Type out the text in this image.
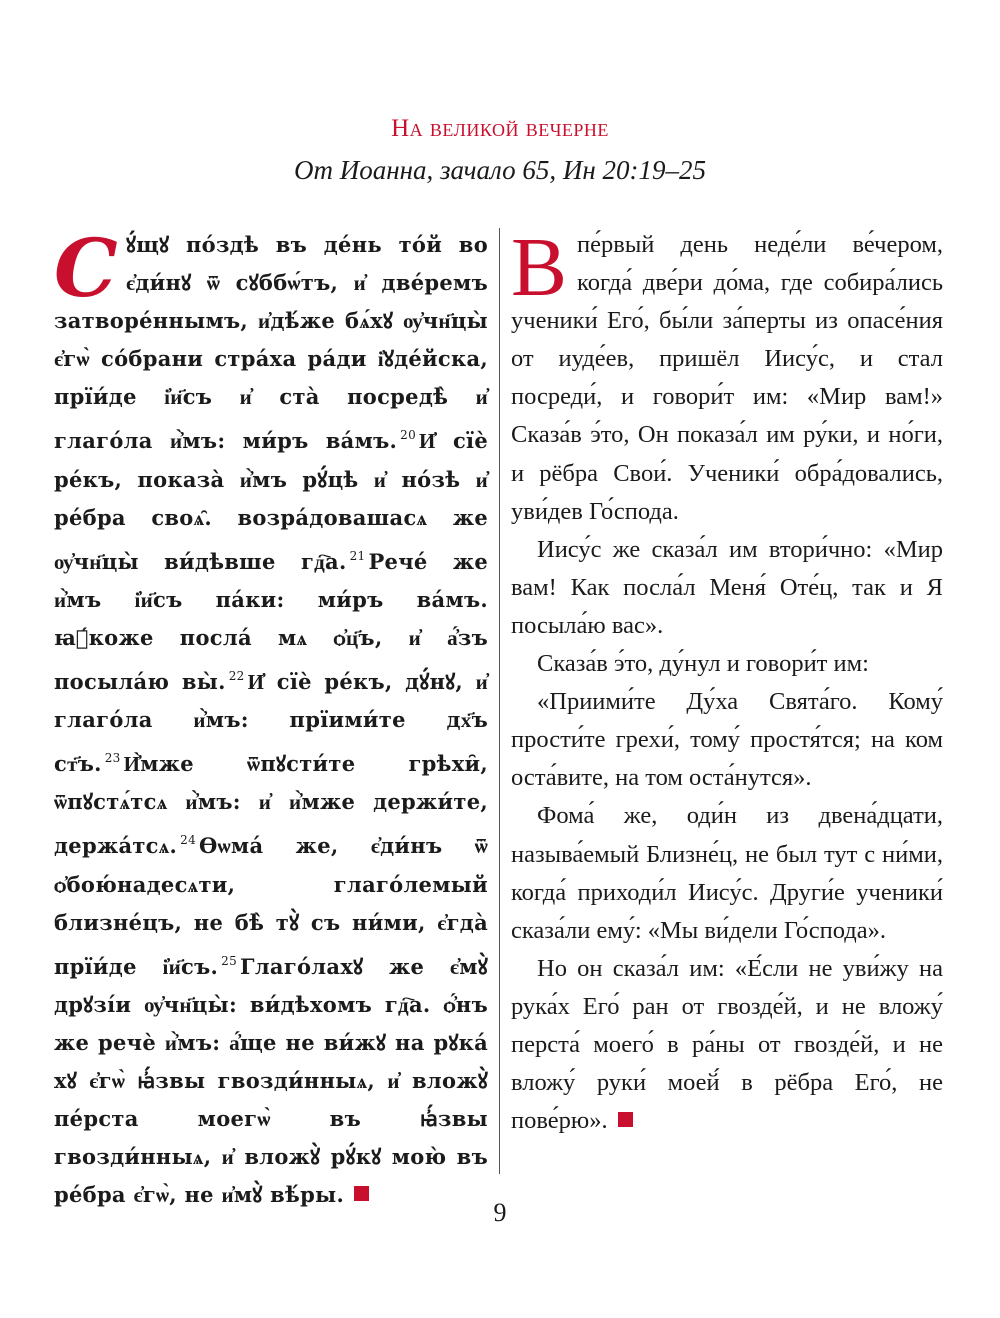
На великой вечерне
От Иоанна, зачало 65, Ин 20:19–25

Сꙋ́щꙋ по́здѣ въ де́нь то́й во є҆ди́нꙋ ѿ сꙋббѡ́тъ, и҆ две́ремъ затворе́ннымъ, и҆дѣ́же бѧ́хꙋ ѹ҆чн҃цы̀ є҆гѡ̀ со́брани стра́ха ра́ди і҆ꙋде́йска, прїи́де і҆и҃съ и҆ ста̀ посредѣ̀ и҆ глаго́ла и҆̀мъ: ми́ръ ва́мъ. $^{20}$ И҆ сїѐ ре́къ, показа̀ и҆̀мъ рꙋ́цѣ и҆ но́зѣ и҆ ре́бра своѧ̑. возра́довашасѧ же ѹ҆чн҃цы̀ ви́дѣвше гд҇а. $^{21}$ Рече́ же и҆̀мъ і҆и҃съ па́ки: ми́ръ ва́мъ. ꙗ҆́коже посла́ мѧ ѻ҆ц҃ъ, и҆ а҆́зъ посыла́ю вы̀. $^{22}$ И҆ сїѐ ре́къ, дꙋ́нꙋ, и҆ глаго́ла и҆̀мъ: прїими́те дх҃ъ ст҃ъ. $^{23}$ И҆̀мже ѿпꙋсти́те грѣхи̑, ѿпꙋстѧ́тсѧ и҆̀мъ: и҆ и҆̀мже держи́те, держа́тсѧ. $^{24}$ Ѳѡма́ же, є҆ди́нъ ѿ ѻ҆бою́надесѧти, глаго́лемый близне́цъ, не бѣ̀ тꙋ̀ съ ни́ми, є҆гда̀ прїи́де і҆и҃съ. $^{25}$ Глаго́лахꙋ же є҆мꙋ̀ дрꙋзі́и ѹ҆чн҃цы̀: ви́дѣхомъ гд҇а. ѻ҆́нъ же речѐ и҆̀мъ: а҆́ще не ви́жꙋ на рꙋка́ хꙋ є҆гѡ̀ ꙗ҆́звы гвозди́нныѧ, и҆ вложꙋ̀ пе́рста моегѡ̀ въ ꙗ҆́звы гвозди́нныѧ, и҆ вложꙋ̀ рꙋ́кꙋ мою̀ въ ре́бра є҆гѡ̀, не и҆мꙋ̀ вѣ́ры.

В пе́рвый день неде́ли ве́чером, когда́ две́ри до́ма, где собира́лись ученики́ Его́, бы́ли за́перты из опасе́ния от иуде́ев, пришёл Иису́с, и стал посреди́, и говори́т им: «Мир вам!» Сказа́в э́то, Он показа́л им ру́ки, и но́ги, и рёбра Свои́. Ученики́ обра́довались, уви́дев Го́спода.

Иису́с же сказа́л им втори́чно: «Мир вам! Как посла́л Меня́ Оте́ц, так и Я посыла́ю вас».

Сказа́в э́то, ду́нул и говори́т им:

«Приими́те Ду́ха Свята́го. Кому́ прости́те грехи́, тому́ простя́тся; на ком оста́вите, на том оста́нутся».

Фома́ же, оди́н из двена́дцати, называ́емый Близне́ц, не был тут с ни́ми, когда́ приходи́л Иису́с. Други́е ученики́ сказа́ли ему́: «Мы ви́дели Го́спода».

Но он сказа́л им: «Е́сли не уви́жу на рука́х Его́ ран от гвозде́й, и не вложу́ перста́ моего́ в ра́ны от гвозде́й, и не вложу́ руки́ моей́ в рёбра Его́, не пове́рю».

9
